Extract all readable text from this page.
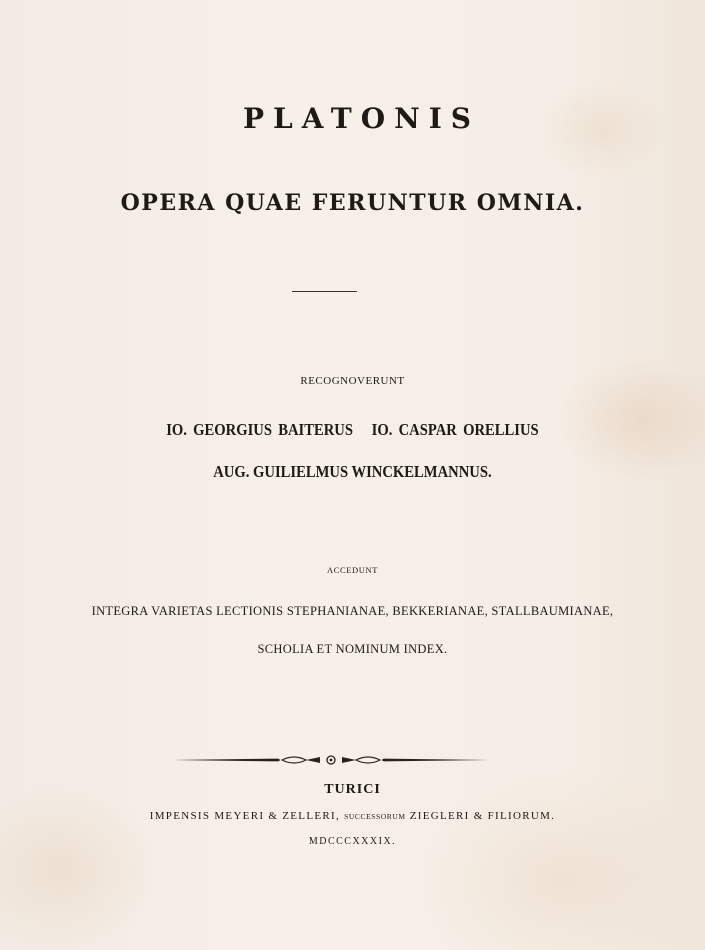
PLATONIS
OPERA QUAE FERUNTUR OMNIA.
RECOGNOVERUNT
IO. GEORGIUS BAITERUS   IO. CASPAR ORELLIUS
AUG. GUILIELMUS WINCKELMANNUS.
ACCEDUNT
INTEGRA VARIETAS LECTIONIS STEPHANIANAE, BEKKERIANAE, STALLBAUMIANAE,
SCHOLIA ET NOMINUM INDEX.
TURICI
IMPENSIS MEYERI & ZELLERI, SUCCESSORUM ZIEGLERI & FILIORUM.
MDCCCXXXIX.
